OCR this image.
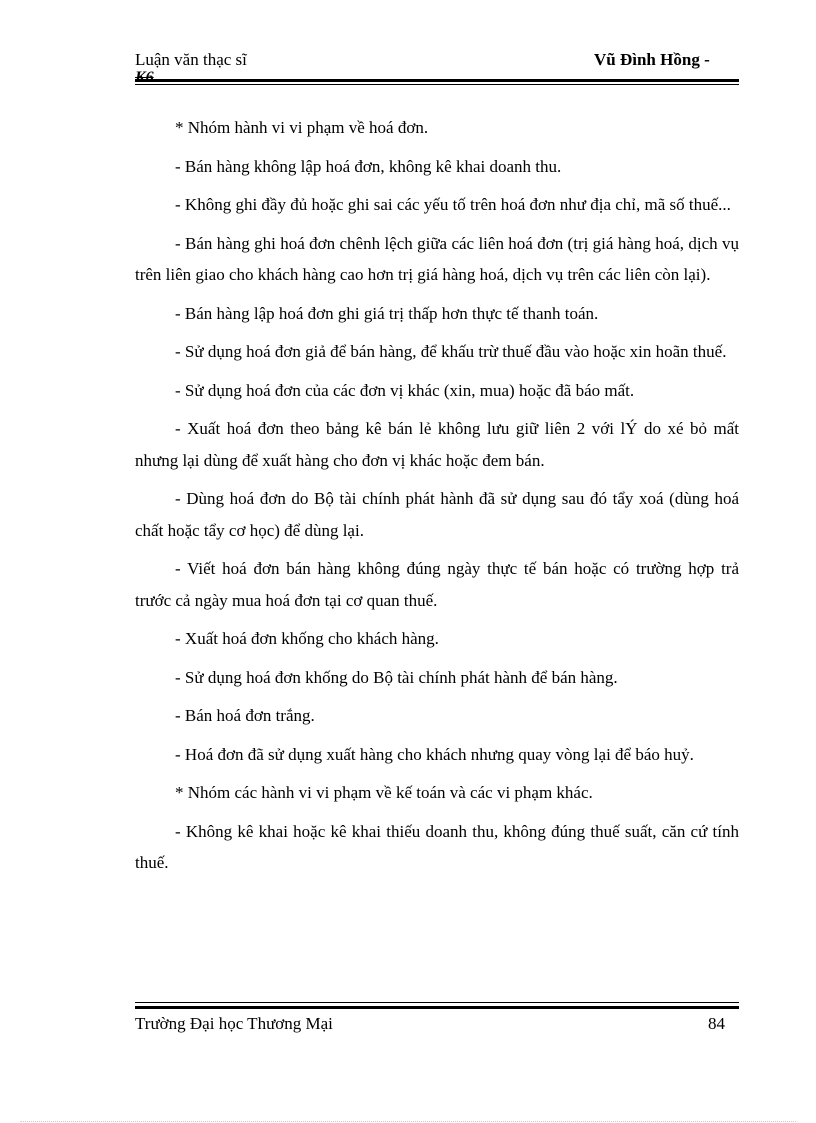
Luận văn thạc sĩ
K6
Vũ Đình Hồng -

* Nhóm hành vi vi phạm về hoá đơn.

- Bán hàng không lập hoá đơn, không kê khai doanh thu.

- Không ghi đầy đủ hoặc ghi sai các yếu tố trên hoá đơn như địa chỉ, mã số thuế...

- Bán hàng ghi hoá đơn chênh lệch giữa các liên hoá đơn (trị giá hàng hoá, dịch vụ trên liên giao cho khách hàng cao hơn trị giá hàng hoá, dịch vụ trên các liên còn lại).

- Bán hàng lập hoá đơn ghi giá trị thấp hơn thực tế thanh toán.

- Sử dụng hoá đơn giả để bán hàng, để khấu trừ thuế đầu vào hoặc xin hoãn thuế.

- Sử dụng hoá đơn của các đơn vị khác (xin, mua) hoặc đã báo mất.

- Xuất hoá đơn theo bảng kê bán lẻ không lưu giữ liên 2 với lÝ do xé bỏ mất nhưng lại dùng để xuất hàng cho đơn vị khác hoặc đem bán.

- Dùng hoá đơn do Bộ tài chính phát hành đã sử dụng sau đó tẩy xoá (dùng hoá chất hoặc tẩy cơ học) để dùng lại.

- Viết hoá đơn bán hàng không đúng ngày thực tế bán hoặc có trường hợp trả trước cả ngày mua hoá đơn tại cơ quan thuế.

- Xuất hoá đơn khống cho khách hàng.

- Sử dụng hoá đơn khống do Bộ tài chính phát hành để bán hàng.

- Bán hoá đơn trắng.

- Hoá đơn đã sử dụng xuất hàng cho khách nhưng quay vòng lại để báo huỷ.

* Nhóm các hành vi vi phạm về kế toán và các vi phạm khác.

- Không kê khai hoặc kê khai thiếu doanh thu, không đúng thuế suất, căn cứ tính thuế.

Trường Đại học Thương Mại	84
